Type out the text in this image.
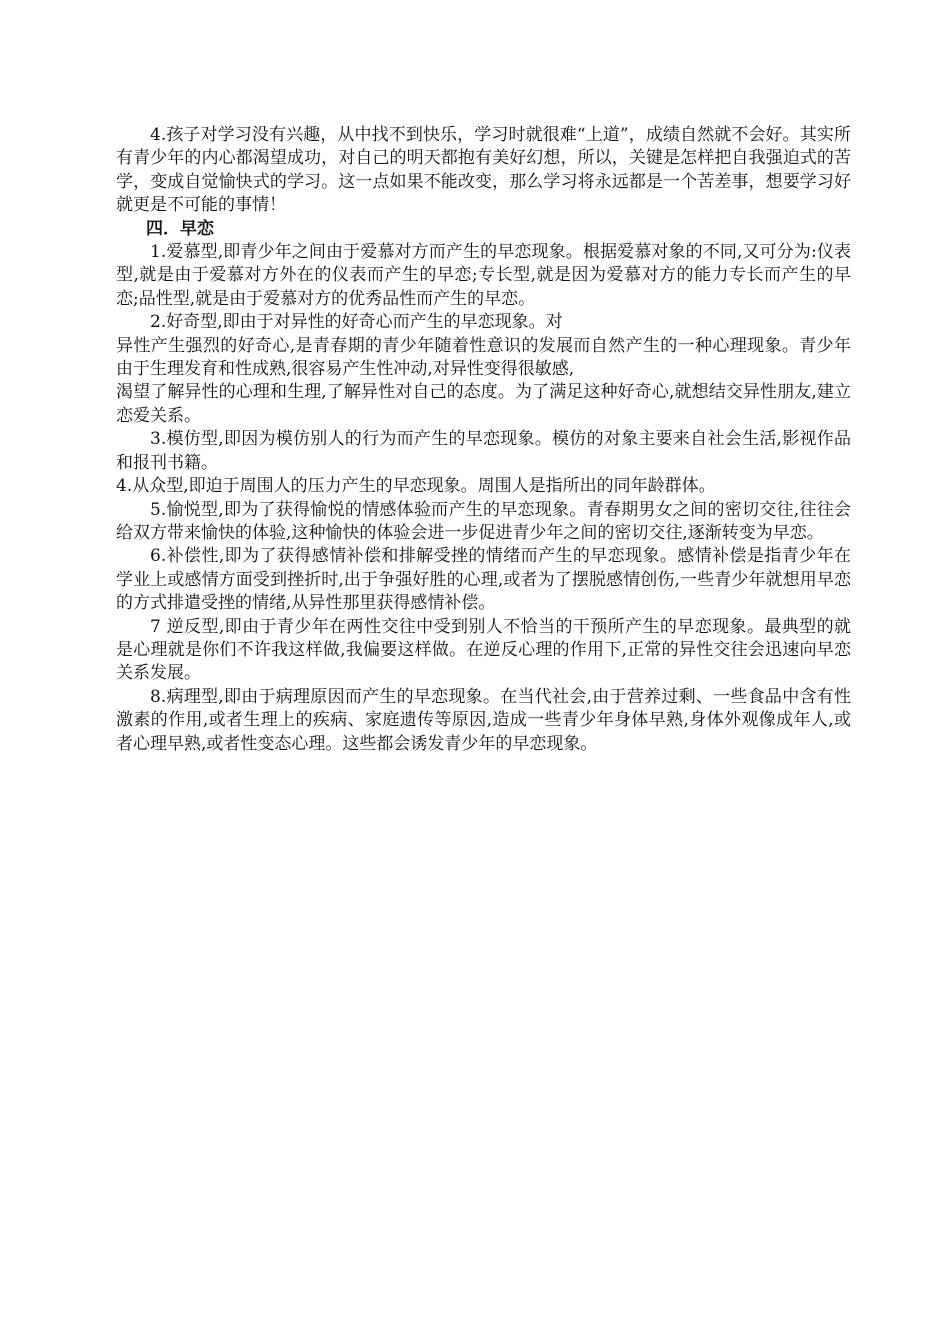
4.孩子对学习没有兴趣，从中找不到快乐，学习时就很难“上道”，成绩自然就不会好。其实所有青少年的内心都渴望成功，对自己的明天都抱有美好幻想，所以，关键是怎样把自我强迫式的苦学，变成自觉愉快式的学习。这一点如果不能改变，那么学习将永远都是一个苦差事，想要学习好就更是不可能的事情！

四．早恋

1.爱慕型,即青少年之间由于爱慕对方而产生的早恋现象。根据爱慕对象的不同,又可分为:仪表型,就是由于爱慕对方外在的仪表而产生的早恋;专长型,就是因为爱慕对方的能力专长而产生的早恋;品性型,就是由于爱慕对方的优秀品性而产生的早恋。

2.好奇型,即由于对异性的好奇心而产生的早恋现象。对

异性产生强烈的好奇心,是青春期的青少年随着性意识的发展而自然产生的一种心理现象。青少年由于生理发育和性成熟,很容易产生性冲动,对异性变得很敏感,

渴望了解异性的心理和生理,了解异性对自己的态度。为了满足这种好奇心,就想结交异性朋友,建立恋爱关系。

3.模仿型,即因为模仿别人的行为而产生的早恋现象。模仿的对象主要来自社会生活,影视作品和报刊书籍。

4.从众型,即迫于周围人的压力产生的早恋现象。周围人是指所出的同年龄群体。

5.愉悦型,即为了获得愉悦的情感体验而产生的早恋现象。青春期男女之间的密切交往,往往会给双方带来愉快的体验,这种愉快的体验会进一步促进青少年之间的密切交往,逐渐转变为早恋。

6.补偿性,即为了获得感情补偿和排解受挫的情绪而产生的早恋现象。感情补偿是指青少年在学业上或感情方面受到挫折时,出于争强好胜的心理,或者为了摆脱感情创伤,一些青少年就想用早恋的方式排遣受挫的情绪,从异性那里获得感情补偿。

7 逆反型,即由于青少年在两性交往中受到别人不恰当的干预所产生的早恋现象。最典型的就是心理就是你们不许我这样做,我偏要这样做。在逆反心理的作用下,正常的异性交往会迅速向早恋关系发展。

8.病理型,即由于病理原因而产生的早恋现象。在当代社会,由于营养过剩、一些食品中含有性激素的作用,或者生理上的疾病、家庭遗传等原因,造成一些青少年身体早熟,身体外观像成年人,或者心理早熟,或者性变态心理。这些都会诱发青少年的早恋现象。
